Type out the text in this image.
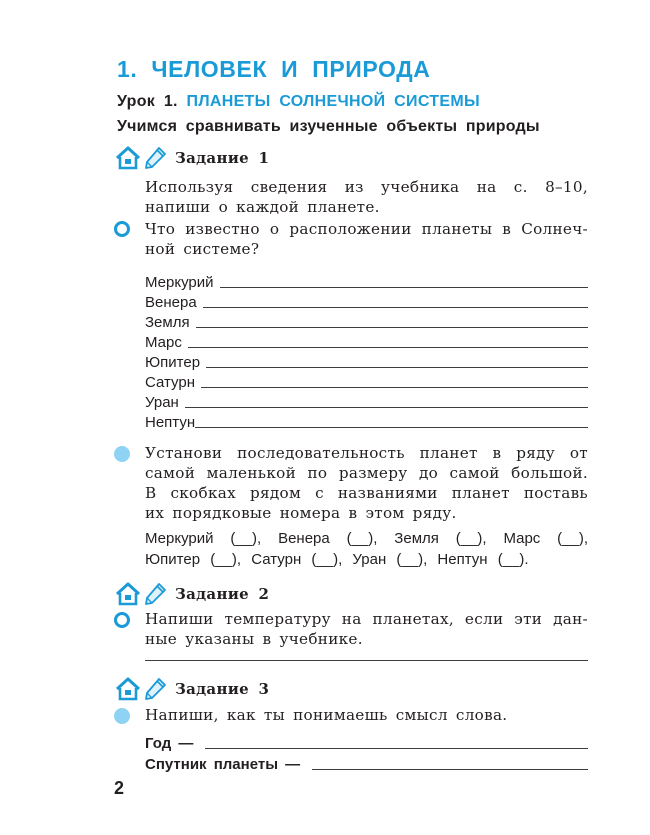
1. ЧЕЛОВЕК И ПРИРОДА
Урок 1. ПЛАНЕТЫ СОЛНЕЧНОЙ СИСТЕМЫ
Учимся сравнивать изученные объекты природы
Задание 1
Используя сведения из учебника на с. 8–10,
напиши о каждой планете.
Что известно о расположении планеты в Солнеч-
ной системе?
Меркурий
Венера
Земля
Марс
Юпитер
Сатурн
Уран
Нептун
Установи последовательность планет в ряду от
самой маленькой по размеру до самой большой.
В скобках рядом с названиями планет поставь
их порядковые номера в этом ряду.
Меркурий (__), Венера (__), Земля (__), Марс (__),
Юпитер (__), Сатурн (__), Уран (__), Нептун (__).
Задание 2
Напиши температуру на планетах, если эти дан-
ные указаны в учебнике.
Задание 3
Напиши, как ты понимаешь смысл слова.
Год —
Спутник планеты —
2
